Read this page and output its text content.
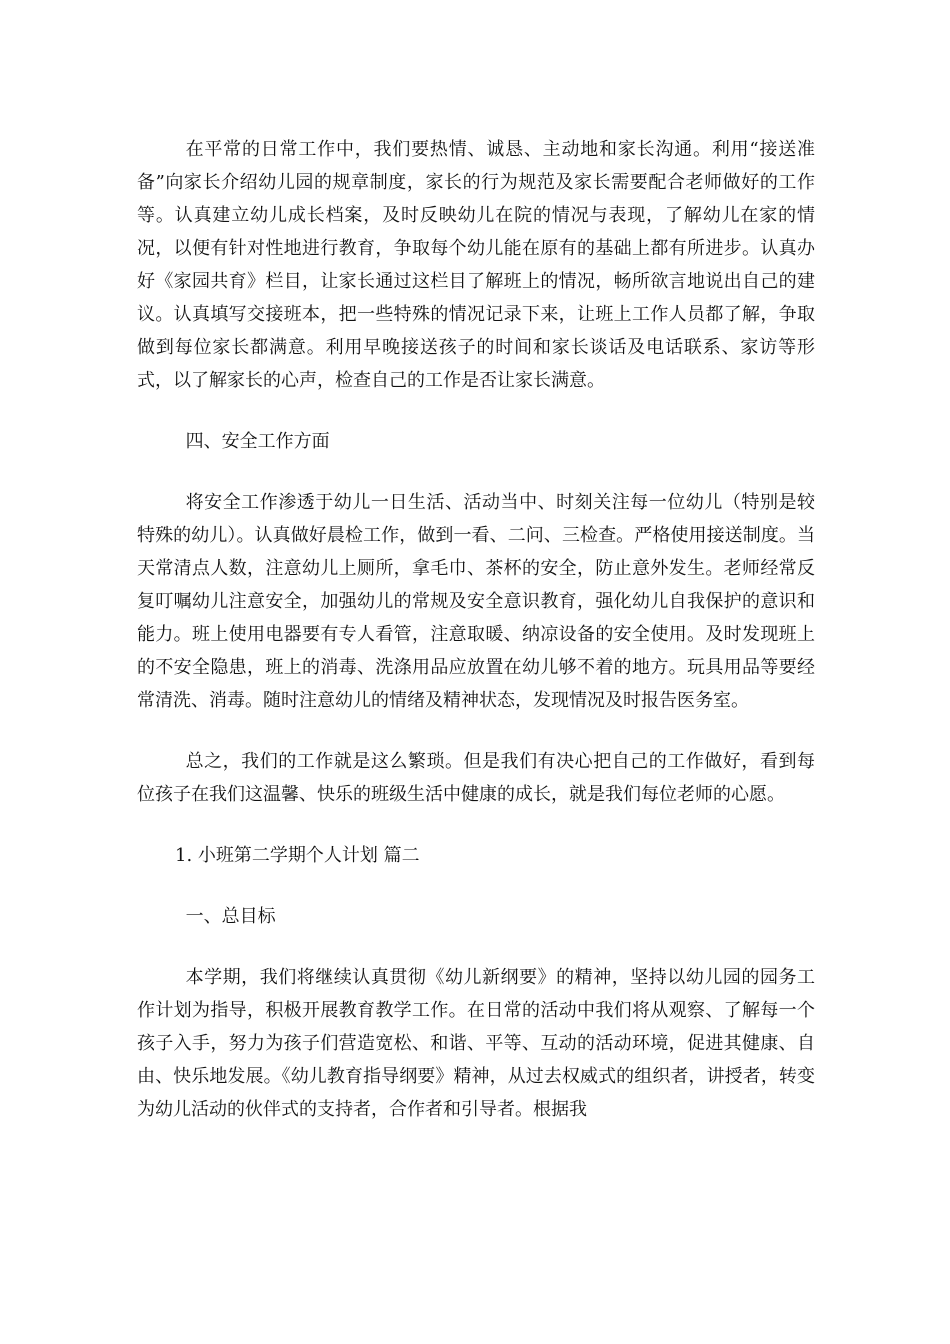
在平常的日常工作中，我们要热情、诚恳、主动地和家长沟通。利用“接送准备”向家长介绍幼儿园的规章制度，家长的行为规范及家长需要配合老师做好的工作等。认真建立幼儿成长档案，及时反映幼儿在院的情况与表现，了解幼儿在家的情况，以便有针对性地进行教育，争取每个幼儿能在原有的基础上都有所进步。认真办好《家园共育》栏目，让家长通过这栏目了解班上的情况，畅所欲言地说出自己的建议。认真填写交接班本，把一些特殊的情况记录下来，让班上工作人员都了解，争取做到每位家长都满意。利用早晚接送孩子的时间和家长谈话及电话联系、家访等形式，以了解家长的心声，检查自己的工作是否让家长满意。

四、安全工作方面

将安全工作渗透于幼儿一日生活、活动当中、时刻关注每一位幼儿（特别是较特殊的幼儿）。认真做好晨检工作，做到一看、二问、三检查。严格使用接送制度。当天常清点人数，注意幼儿上厕所，拿毛巾、茶杯的安全，防止意外发生。老师经常反复叮嘱幼儿注意安全，加强幼儿的常规及安全意识教育，强化幼儿自我保护的意识和能力。班上使用电器要有专人看管，注意取暖、纳凉设备的安全使用。及时发现班上的不安全隐患，班上的消毒、洗涤用品应放置在幼儿够不着的地方。玩具用品等要经常清洗、消毒。随时注意幼儿的情绪及精神状态，发现情况及时报告医务室。

总之，我们的工作就是这么繁琐。但是我们有决心把自己的工作做好，看到每位孩子在我们这温馨、快乐的班级生活中健康的成长，就是我们每位老师的心愿。

1. 小班第二学期个人计划 篇二

一、总目标

本学期，我们将继续认真贯彻《幼儿新纲要》的精神，坚持以幼儿园的园务工作计划为指导，积极开展教育教学工作。在日常的活动中我们将从观察、了解每一个孩子入手，努力为孩子们营造宽松、和谐、平等、互动的活动环境，促进其健康、自由、快乐地发展。《幼儿教育指导纲要》精神，从过去权威式的组织者，讲授者，转变为幼儿活动的伙伴式的支持者，合作者和引导者。根据我
